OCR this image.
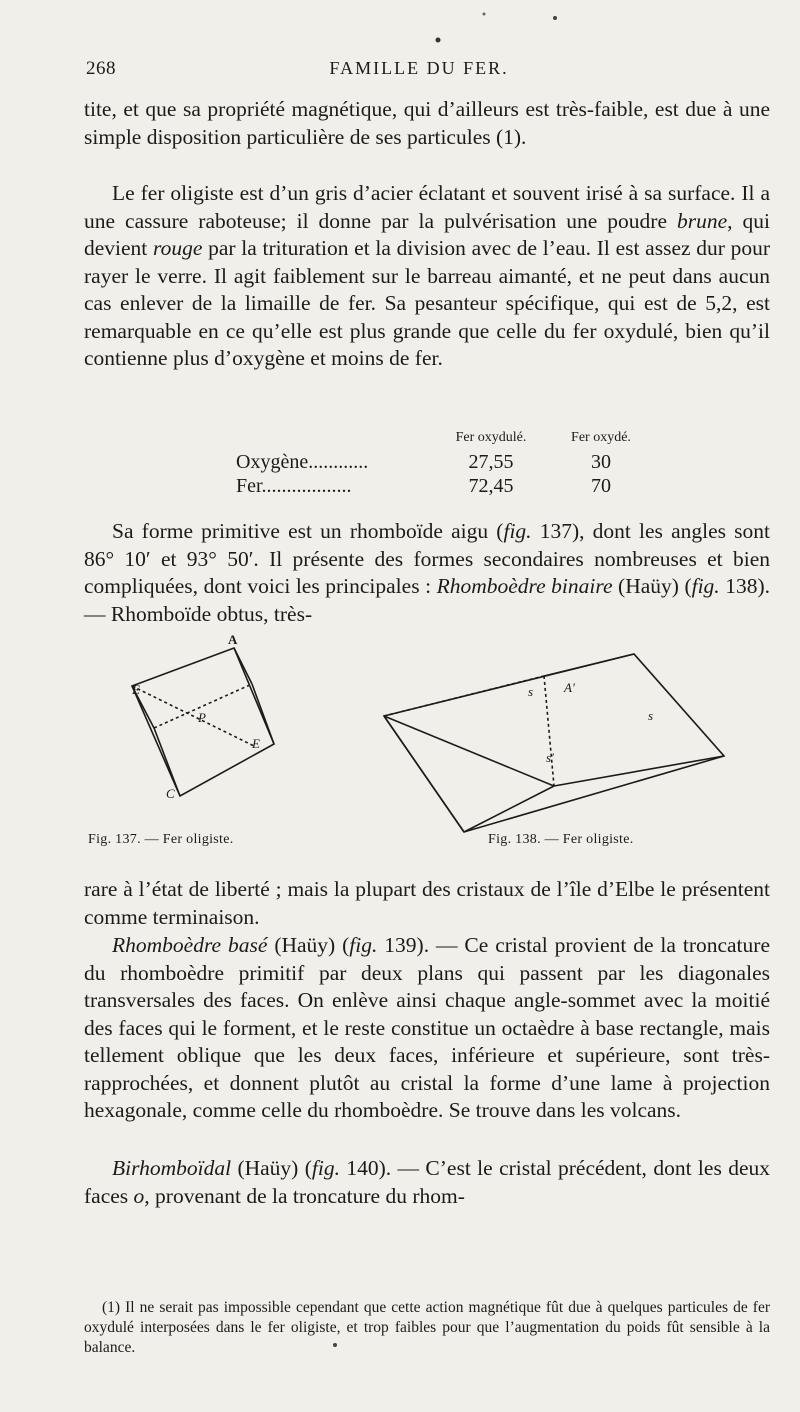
268	FAMILLE DU FER.

tite, et que sa propriété magnétique, qui d’ailleurs est très-faible, est due à une simple disposition particulière de ses particules (1).

Le fer oligiste est d’un gris d’acier éclatant et souvent irisé à sa surface. Il a une cassure raboteuse; il donne par la pulvérisation une poudre brune, qui devient rouge par la trituration et la division avec de l’eau. Il est assez dur pour rayer le verre. Il agit faiblement sur le barreau aimanté, et ne peut dans aucun cas enlever de la limaille de fer. Sa pesanteur spécifique, qui est de 5,2, est remarquable en ce qu’elle est plus grande que celle du fer oxydulé, bien qu’il contienne plus d’oxygène et moins de fer.

	Fer oxydulé.	Fer oxydé.
Oxygène............	27,55	30
Fer..................	72,45	70

Sa forme primitive est un rhomboïde aigu (fig. 137), dont les angles sont 86° 10′ et 93° 50′. Il présente des formes secondaires nombreuses et bien compliquées, dont voici les principales : Rhomboèdre binaire (Haüy) (fig. 138). — Rhomboïde obtus, très-

A
E
P
E
C
s A'
s
s'
Fig. 137. — Fer oligiste.	Fig. 138. — Fer oligiste.

rare à l’état de liberté ; mais la plupart des cristaux de l’île d’Elbe le présentent comme terminaison.

Rhomboèdre basé (Haüy) (fig. 139). — Ce cristal provient de la troncature du rhomboèdre primitif par deux plans qui passent par les diagonales transversales des faces. On enlève ainsi chaque angle-sommet avec la moitié des faces qui le forment, et le reste constitue un octaèdre à base rectangle, mais tellement oblique que les deux faces, inférieure et supérieure, sont très-rapprochées, et donnent plutôt au cristal la forme d’une lame à projection hexagonale, comme celle du rhomboèdre. Se trouve dans les volcans.

Birhomboïdal (Haüy) (fig. 140). — C’est le cristal précédent, dont les deux faces o, provenant de la troncature du rhom-

(1) Il ne serait pas impossible cependant que cette action magnétique fût due à quelques particules de fer oxydulé interposées dans le fer oligiste, et trop faibles pour que l’augmentation du poids fût sensible à la balance.
